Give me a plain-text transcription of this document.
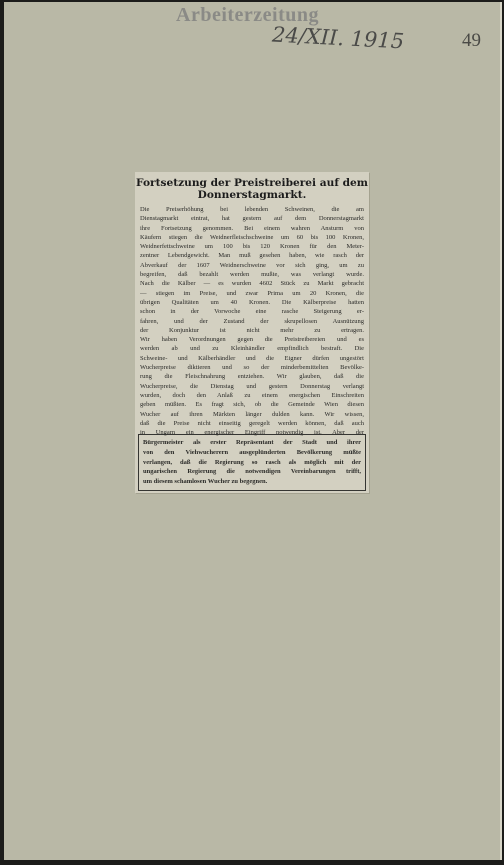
Arbeiterzeitung
24/XII. 1915	49
Fortsetzung der Preistreiberei auf dem
Donnerstagmarkt.
Die Preiserhöhung bei lebenden Schweinen, die am
Dienstagmarkt eintrat, hat gestern auf dem Donnerstagmarkt
ihre Fortsetzung genommen. Bei einem wahren Ansturm von
Käufern stiegen die Weidnerfleischschweine um 60 bis 100 Kronen,
Weidnerfettschweine um 100 bis 120 Kronen für den Meter-
zentner Lebendgewicht. Man muß gesehen haben, wie rasch der
Abverkauf der 1607 Weidnerschweine vor sich ging, um zu
begreifen, daß bezahlt werden mußte, was verlangt wurde.
Nach die Kälber — es wurden 4602 Stück zu Markt gebracht
— stiegen im Preise, und zwar Prima um 20 Kronen, die
übrigen Qualitäten um 40 Kronen. Die Kälberpreise hatten
schon in der Vorwoche eine rasche Steigerung er-
fahren, und der Zustand der skrupellosen Ausnützung
der Konjunktur ist nicht mehr zu ertragen.
Wir haben Verordnungen gegen die Preistreibereien und es
werden ab und zu Kleinhändler empfindlich bestraft. Die
Schweine- und Kälberhändler und die Eigner dürfen ungestört
Wucherpreise diktieren und so der minderbemittelten Bevölke-
rung die Fleischnahrung entziehen. Wir glauben, daß die
Wucherpreise, die Dienstag und gestern Donnerstag verlangt
wurden, doch den Anlaß zu einem energischen Einschreiten
geben müßten. Es fragt sich, ob die Gemeinde Wien diesen
Wucher auf ihren Märkten länger dulden kann. Wir wissen,
daß die Preise nicht einseitig geregelt werden können, daß auch
in Ungarn ein energischer Eingriff notwendig ist. Aber der
Bürgermeister als erster Repräsentant der Stadt und ihrer
von den Viehwucherern ausgeplünderten Bevölkerung müßte
verlangen, daß die Regierung so rasch als möglich mit der
ungarischen Regierung die notwendigen Vereinbarungen trifft,
um diesem schamlosen Wucher zu begegnen.
